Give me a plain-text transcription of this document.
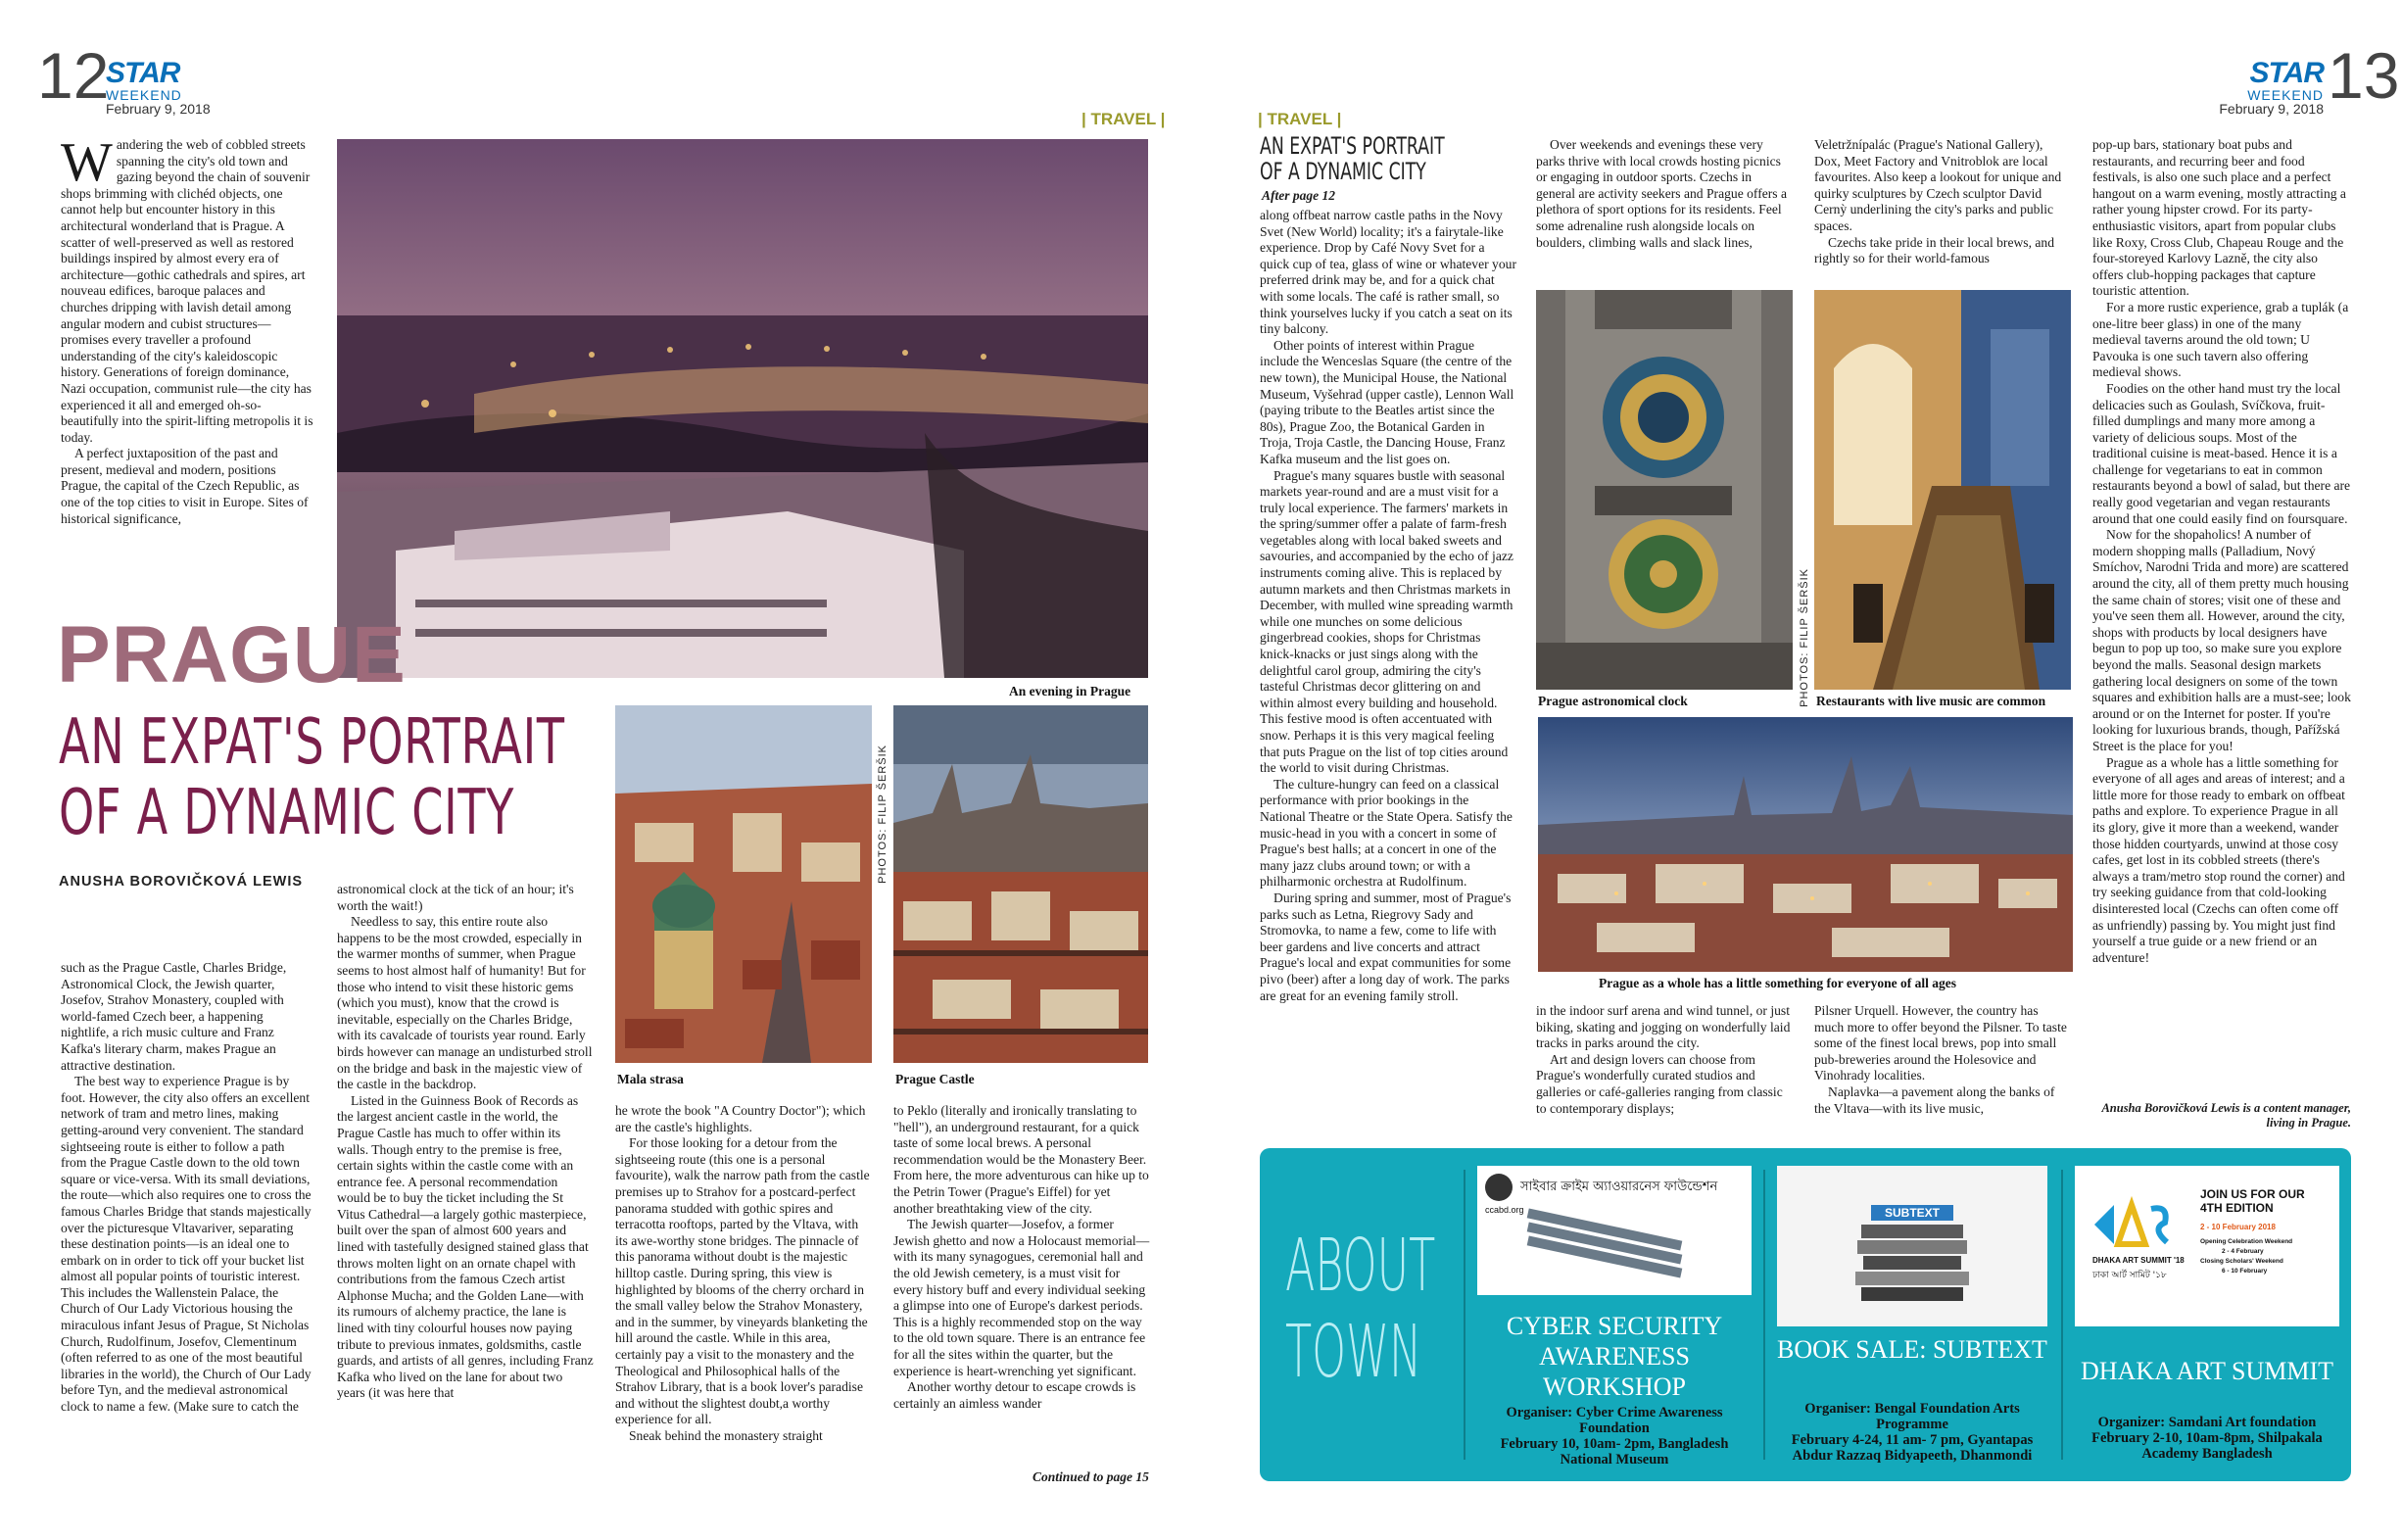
12
STAR
WEEKEND
February 9, 2018
| TRAVEL |
W andering the web of cobbled streets spanning the city's old town and gazing beyond the chain of souvenir shops brimming with clichéd objects, one cannot help but encounter history in this architectural wonderland that is Prague. A scatter of well-preserved as well as restored buildings inspired by almost every era of architecture—gothic cathedrals and spires, art nouveau edifices, baroque palaces and churches dripping with lavish detail among angular modern and cubist structures—promises every traveller a profound understanding of the city's kaleidoscopic history. Generations of foreign dominance, Nazi occupation, communist rule—the city has experienced it all and emerged oh-so-beautifully into the spirit-lifting metropolis it is today.

A perfect juxtaposition of the past and present, medieval and modern, positions Prague, the capital of the Czech Republic, as one of the top cities to visit in Europe. Sites of historical significance,

An evening in Prague
PRAGUE
AN EXPAT'S PORTRAIT
OF A DYNAMIC CITY
ANUSHA BOROVIČKOVÁ LEWIS
Mala strasa
PHOTOS: FILIP ŠERŠIK
Prague Castle

such as the Prague Castle, Charles Bridge, Astronomical Clock, the Jewish quarter, Josefov, Strahov Monastery, coupled with world-famed Czech beer, a happening nightlife, a rich music culture and Franz Kafka's literary charm, makes Prague an attractive destination.

The best way to experience Prague is by foot. However, the city also offers an excellent network of tram and metro lines, making getting-around very convenient. The standard sightseeing route is either to follow a path from the Prague Castle down to the old town square or vice-versa. With its small deviations, the route—which also requires one to cross the famous Charles Bridge that stands majestically over the picturesque Vltavariver, separating these destination points—is an ideal one to embark on in order to tick off your bucket list almost all popular points of touristic interest. This includes the Wallenstein Palace, the Church of Our Lady Victorious housing the miraculous infant Jesus of Prague, St Nicholas Church, Rudolfinum, Josefov, Clementinum (often referred to as one of the most beautiful libraries in the world), the Church of Our Lady before Tyn, and the medieval astronomical clock to name a few. (Make sure to catch the

astronomical clock at the tick of an hour; it's worth the wait!)

Needless to say, this entire route also happens to be the most crowded, especially in the warmer months of summer, when Prague seems to host almost half of humanity! But for those who intend to visit these historic gems (which you must), know that the crowd is inevitable, especially on the Charles Bridge, with its cavalcade of tourists year round. Early birds however can manage an undisturbed stroll on the bridge and bask in the majestic view of the castle in the backdrop.

Listed in the Guinness Book of Records as the largest ancient castle in the world, the Prague Castle has much to offer within its walls. Though entry to the premise is free, certain sights within the castle come with an entrance fee. A personal recommendation would be to buy the ticket including the St Vitus Cathedral—a largely gothic masterpiece, built over the span of almost 600 years and lined with tastefully designed stained glass that throws molten light on an ornate chapel with contributions from the famous Czech artist Alphonse Mucha; and the Golden Lane—with its rumours of alchemy practice, the lane is lined with tiny colourful houses now paying tribute to previous inmates, goldsmiths, castle guards, and artists of all genres, including Franz Kafka who lived on the lane for about two years (it was here that

he wrote the book "A Country Doctor"); which are the castle's highlights.

For those looking for a detour from the sightseeing route (this one is a personal favourite), walk the narrow path from the castle premises up to Strahov for a postcard-perfect panorama studded with gothic spires and terracotta rooftops, parted by the Vltava, with its awe-worthy stone bridges. The pinnacle of this panorama without doubt is the majestic hilltop castle. During spring, this view is highlighted by blooms of the cherry orchard in the small valley below the Strahov Monastery, and in the summer, by vineyards blanketing the hill around the castle. While in this area, certainly pay a visit to the monastery and the Theological and Philosophical halls of the Strahov Library, that is a book lover's paradise and without the slightest doubt,a worthy experience for all.

Sneak behind the monastery straight

to Peklo (literally and ironically translating to "hell"), an underground restaurant, for a quick taste of some local brews. A personal recommendation would be the Monastery Beer. From here, the more adventurous can hike up to the Petrin Tower (Prague's Eiffel) for yet another breathtaking view of the city.

The Jewish quarter—Josefov, a former Jewish ghetto and now a Holocaust memorial—with its many synagogues, ceremonial hall and the old Jewish cemetery, is a must visit for every history buff and every individual seeking a glimpse into one of Europe's darkest periods. This is a highly recommended stop on the way to the old town square. There is an entrance fee for all the sites within the quarter, but the experience is heart-wrenching yet significant.

Another worthy detour to escape crowds is certainly an aimless wander

Continued to page 15
STAR
WEEKEND
February 9, 2018 13
| TRAVEL |
AN EXPAT'S PORTRAIT
OF A DYNAMIC CITY
After page 12

along offbeat narrow castle paths in the Novy Svet (New World) locality; it's a fairytale-like experience. Drop by Café Novy Svet for a quick cup of tea, glass of wine or whatever your preferred drink may be, and for a quick chat with some locals. The café is rather small, so think yourselves lucky if you catch a seat on its tiny balcony.

Other points of interest within Prague include the Wenceslas Square (the centre of the new town), the Municipal House, the National Museum, Vyšehrad (upper castle), Lennon Wall (paying tribute to the Beatles artist since the 80s), Prague Zoo, the Botanical Garden in Troja, Troja Castle, the Dancing House, Franz Kafka museum and the list goes on.

Prague's many squares bustle with seasonal markets year-round and are a must visit for a truly local experience. The farmers' markets in the spring/summer offer a palate of farm-fresh vegetables along with local baked sweets and savouries, and accompanied by the echo of jazz instruments coming alive. This is replaced by autumn markets and then Christmas markets in December, with mulled wine spreading warmth while one munches on some delicious gingerbread cookies, shops for Christmas knick-knacks or just sings along with the delightful carol group, admiring the city's tasteful Christmas decor glittering on and within almost every building and household. This festive mood is often accentuated with snow. Perhaps it is this very magical feeling that puts Prague on the list of top cities around the world to visit during Christmas.

The culture-hungry can feed on a classical performance with prior bookings in the National Theatre or the State Opera. Satisfy the music-head in you with a concert in some of Prague's best halls; at a concert in one of the many jazz clubs around town; or with a philharmonic orchestra at Rudolfinum.

During spring and summer, most of Prague's parks such as Letna, Riegrovy Sady and Stromovka, to name a few, come to life with beer gardens and live concerts and attract Prague's local and expat communities for some pivo (beer) after a long day of work. The parks are great for an evening family stroll.

Over weekends and evenings these very parks thrive with local crowds hosting picnics or engaging in outdoor sports. Czechs in general are activity seekers and Prague offers a plethora of sport options for its residents. Feel some adrenaline rush alongside locals on boulders, climbing walls and slack lines,

Veletržnípalác (Prague's National Gallery), Dox, Meet Factory and Vnitroblok are local favourites. Also keep a lookout for unique and quirky sculptures by Czech sculptor David Cernỳ underlining the city's parks and public spaces.

Czechs take pride in their local brews, and rightly so for their world-famous

PHOTOS: FILIP ŠERŠIK
Prague astronomical clock	Restaurants with live music are common
Prague as a whole has a little something for everyone of all ages

in the indoor surf arena and wind tunnel, or just biking, skating and jogging on wonderfully laid tracks in parks around the city.

Art and design lovers can choose from Prague's wonderfully curated studios and galleries or café-galleries ranging from classic to contemporary displays;

Pilsner Urquell. However, the country has much more to offer beyond the Pilsner. To taste some of the finest local brews, pop into small pub-breweries around the Holesovice and Vinohrady localities.

Naplavka—a pavement along the banks of the Vltava—with its live music,

pop-up bars, stationary boat pubs and restaurants, and recurring beer and food festivals, is also one such place and a perfect hangout on a warm evening, mostly attracting a rather young hipster crowd. For its party-enthusiastic visitors, apart from popular clubs like Roxy, Cross Club, Chapeau Rouge and the four-storeyed Karlovy Lazně, the city also offers club-hopping packages that capture touristic attention.

For a more rustic experience, grab a tuplák (a one-litre beer glass) in one of the many medieval taverns around the old town; U Pavouka is one such tavern also offering medieval shows.

Foodies on the other hand must try the local delicacies such as Goulash, Svíčkova, fruit-filled dumplings and many more among a variety of delicious soups. Most of the traditional cuisine is meat-based. Hence it is a challenge for vegetarians to eat in common restaurants beyond a bowl of salad, but there are really good vegetarian and vegan restaurants around that one could easily find on foursquare.

Now for the shopaholics! A number of modern shopping malls (Palladium, Nový Smíchov, Narodni Trida and more) are scattered around the city, all of them pretty much housing the same chain of stores; visit one of these and you've seen them all. However, around the city, shops with products by local designers have begun to pop up too, so make sure you explore beyond the malls. Seasonal design markets gathering local designers on some of the town squares and exhibition halls are a must-see; look around or on the Internet for poster. If you're looking for luxurious brands, though, Pařížská Street is the place for you!

Prague as a whole has a little something for everyone of all ages and areas of interest; and a little more for those ready to embark on offbeat paths and explore. To experience Prague in all its glory, give it more than a weekend, wander those hidden courtyards, unwind at those cosy cafes, get lost in its cobbled streets (there's always a tram/metro stop round the corner) and try seeking guidance from that cold-looking disinterested local (Czechs can often come off as unfriendly) passing by. You might just find yourself a true guide or a new friend or an adventure!

Anusha Borovičková Lewis is a content manager, living in Prague.
ABOUT
TOWN
সাইবার ক্রাইম অ্যাওয়ারনেস ফাউন্ডেশন
ccabd.org
CYBER SECURITY AWARENESS WORKSHOP
Organiser: Cyber Crime Awareness Foundation
February 10, 10am- 2pm, Bangladesh National Museum
SUBTEXT
BOOK SALE: SUBTEXT
Organiser: Bengal Foundation Arts Programme
February 4-24, 11 am- 7 pm, Gyantapas Abdur Razzaq Bidyapeeth, Dhanmondi
DHAKA ART SUMMIT '18
ঢাকা আর্ট সামিট '১৮
JOIN US FOR OUR 4TH EDITION
2 - 10 February 2018
Opening Celebration Weekend
2 - 4 February
Closing Scholars' Weekend
6 - 10 February
DHAKA ART SUMMIT
Organizer: Samdani Art foundation
February 2-10, 10am-8pm, Shilpakala Academy Bangladesh
